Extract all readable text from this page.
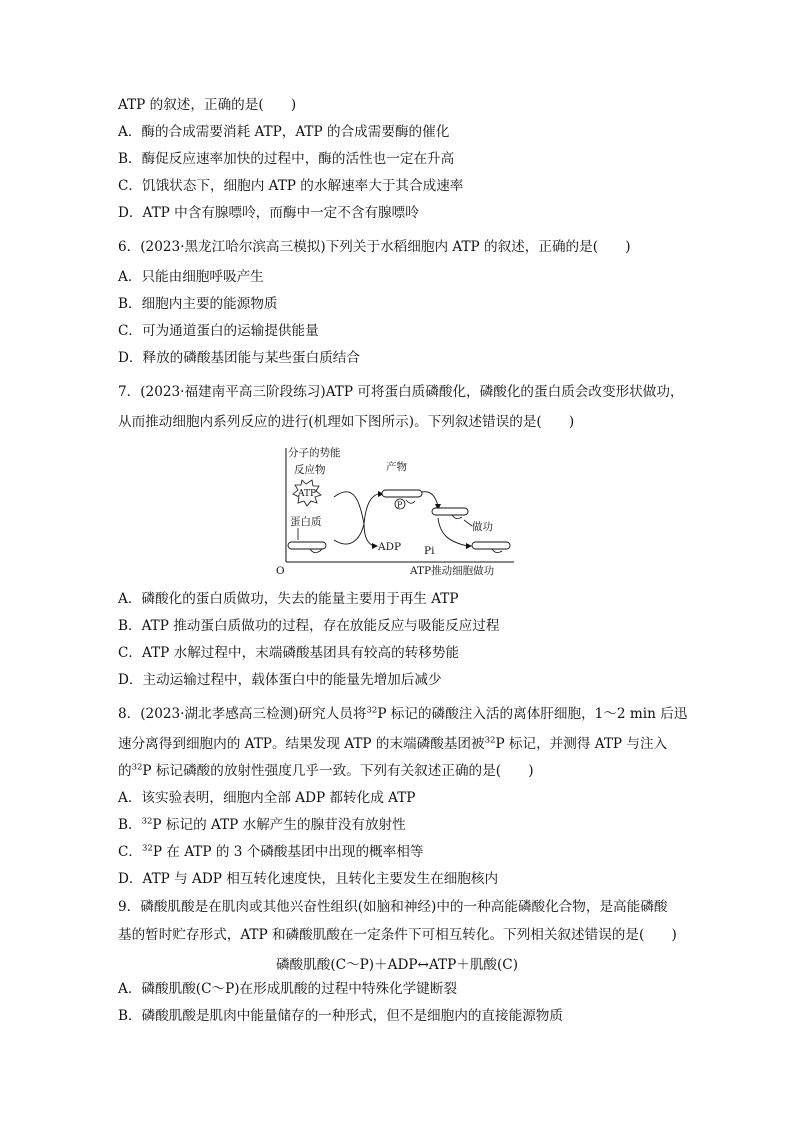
ATP 的叙述，正确的是(　　)
A．酶的合成需要消耗 ATP，ATP 的合成需要酶的催化
B．酶促反应速率加快的过程中，酶的活性也一定在升高
C．饥饿状态下，细胞内 ATP 的水解速率大于其合成速率
D．ATP 中含有腺嘌呤，而酶中一定不含有腺嘌呤
6．(2023·黑龙江哈尔滨高三模拟)下列关于水稻细胞内 ATP 的叙述，正确的是(　　)
A．只能由细胞呼吸产生
B．细胞内主要的能源物质
C．可为通道蛋白的运输提供能量
D．释放的磷酸基团能与某些蛋白质结合
7．(2023·福建南平高三阶段练习)ATP 可将蛋白质磷酸化，磷酸化的蛋白质会改变形状做功，
从而推动细胞内系列反应的进行(机理如下图所示)。下列叙述错误的是(　　)
分子的势能
O	ATP推动细胞做功
反应物
ATP
蛋白质
ADP
产物
P
做功
Pi
A．磷酸化的蛋白质做功，失去的能量主要用于再生 ATP
B．ATP 推动蛋白质做功的过程，存在放能反应与吸能反应过程
C．ATP 水解过程中，末端磷酸基团具有较高的转移势能
D．主动运输过程中，载体蛋白中的能量先增加后减少
8．(2023·湖北孝感高三检测)研究人员将$^{32}$P 标记的磷酸注入活的离体肝细胞，1～2 min 后迅
速分离得到细胞内的 ATP。结果发现 ATP 的末端磷酸基团被$^{32}$P 标记，并测得 ATP 与注入
的$^{32}$P 标记磷酸的放射性强度几乎一致。下列有关叙述正确的是(　　)
A．该实验表明，细胞内全部 ADP 都转化成 ATP
B．$^{32}$P 标记的 ATP 水解产生的腺苷没有放射性
C．$^{32}$P 在 ATP 的 3 个磷酸基团中出现的概率相等
D．ATP 与 ADP 相互转化速度快，且转化主要发生在细胞核内
9．磷酸肌酸是在肌肉或其他兴奋性组织(如脑和神经)中的一种高能磷酸化合物，是高能磷酸
基的暂时贮存形式，ATP 和磷酸肌酸在一定条件下可相互转化。下列相关叙述错误的是(　　)
磷酸肌酸(C～P)＋ADP↔ATP＋肌酸(C)
A．磷酸肌酸(C～P)在形成肌酸的过程中特殊化学键断裂
B．磷酸肌酸是肌肉中能量储存的一种形式，但不是细胞内的直接能源物质
